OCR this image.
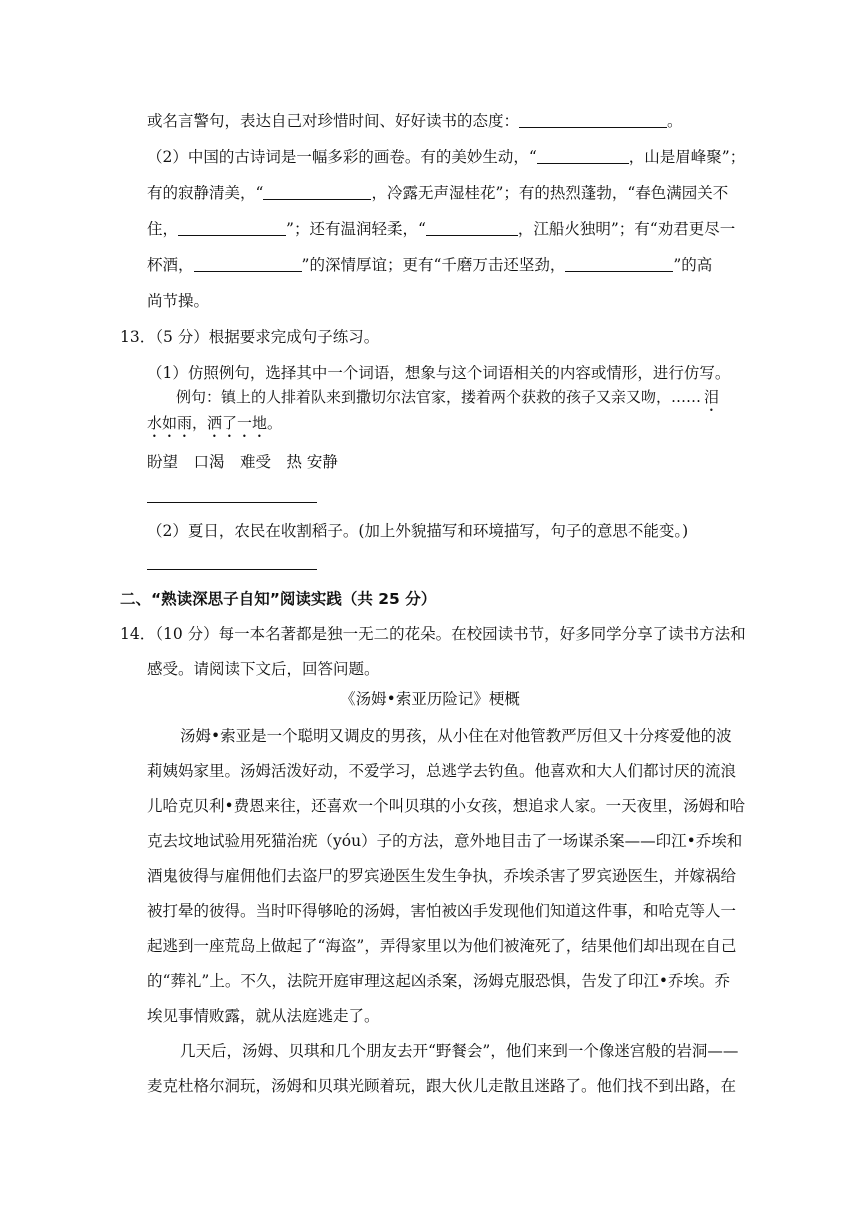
或名言警句，表达自己对珍惜时间、好好读书的态度：	。
（2）中国的古诗词是一幅多彩的画卷。有的美妙生动，“	，山是眉峰聚”；
有的寂静清美，“	，冷露无声湿桂花”；有的热烈蓬勃，“春色满园关不
住，	”；还有温润轻柔，“	，江船火独明”；有“劝君更尽一
杯酒，	”的深情厚谊；更有“千磨万击还坚劲，	”的高
尚节操。
13．（5 分）根据要求完成句子练习。
（1）仿照例句，选择其中一个词语，想象与这个词语相关的内容或情形，进行仿写。
例句：镇上的人排着队来到撒切尔法官家，搂着两个获救的孩子又亲又吻，…… 泪
水如雨，洒了一地。
盼望　口渴　难受　热 安静
（2）夏日，农民在收割稻子。(加上外貌描写和环境描写，句子的意思不能变。)
二、“熟读深思子自知”阅读实践（共 25 分）
14．（10 分）每一本名著都是独一无二的花朵。在校园读书节，好多同学分享了读书方法和
感受。请阅读下文后，回答问题。
《汤姆•索亚历险记》梗概
汤姆•索亚是一个聪明又调皮的男孩，从小住在对他管教严厉但又十分疼爱他的波
莉姨妈家里。汤姆活泼好动，不爱学习，总逃学去钓鱼。他喜欢和大人们都讨厌的流浪
儿哈克贝利•费恩来往，还喜欢一个叫贝琪的小女孩，想追求人家。一天夜里，汤姆和哈
克去坟地试验用死猫治疣（yóu）子的方法，意外地目击了一场谋杀案——印江•乔埃和
酒鬼彼得与雇佣他们去盗尸的罗宾逊医生发生争执，乔埃杀害了罗宾逊医生，并嫁祸给
被打晕的彼得。当时吓得够呛的汤姆，害怕被凶手发现他们知道这件事，和哈克等人一
起逃到一座荒岛上做起了“海盗”，弄得家里以为他们被淹死了，结果他们却出现在自己
的“葬礼”上。不久，法院开庭审理这起凶杀案，汤姆克服恐惧，告发了印江•乔埃。乔
埃见事情败露，就从法庭逃走了。
几天后，汤姆、贝琪和几个朋友去开“野餐会”，他们来到一个像迷宫般的岩洞——
麦克杜格尔洞玩，汤姆和贝琪光顾着玩，跟大伙儿走散且迷路了。他们找不到出路，在
